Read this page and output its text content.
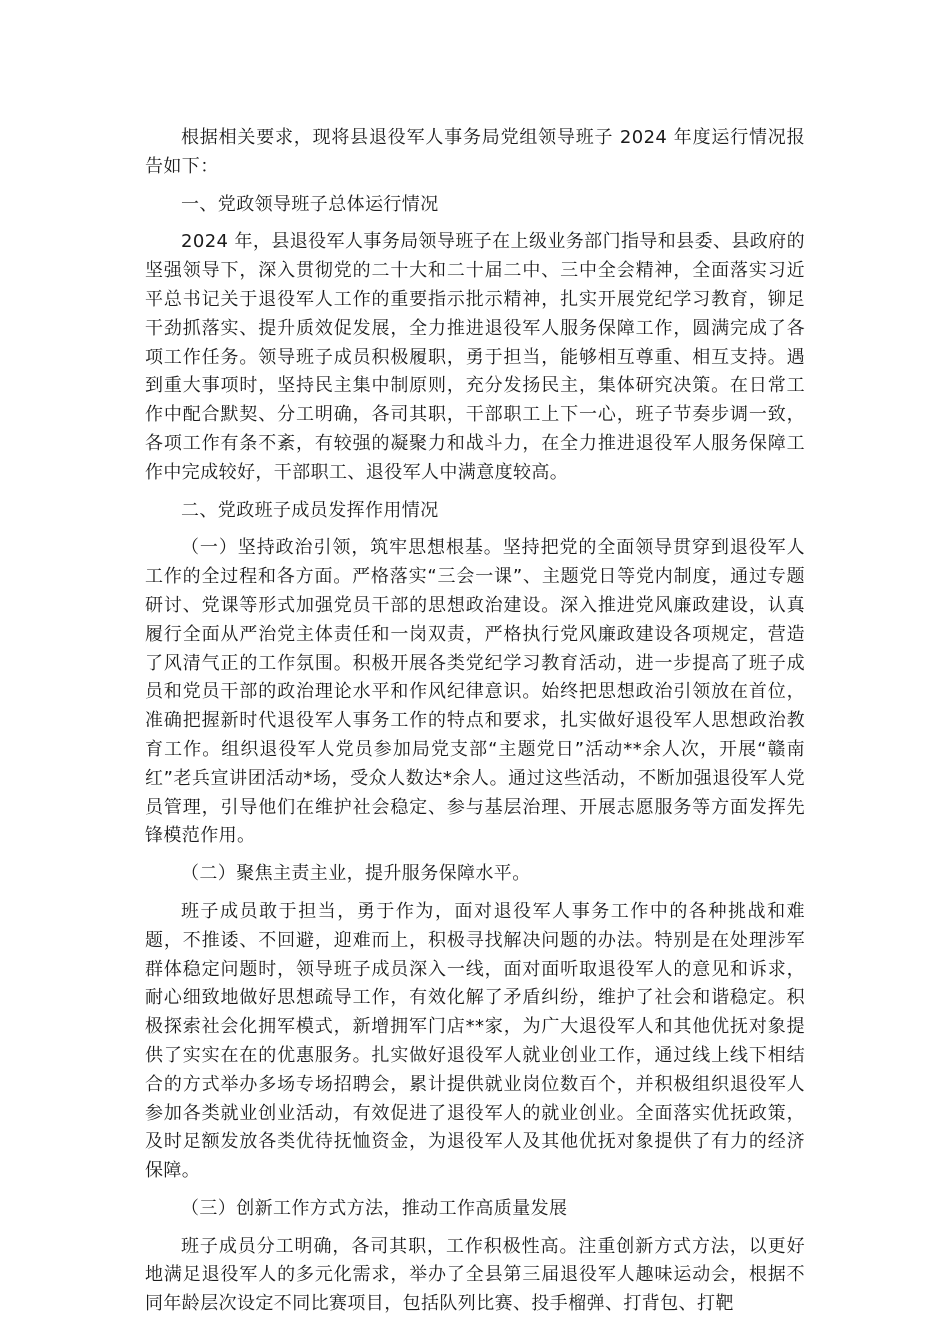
根据相关要求，现将县退役军人事务局党组领导班子 2024 年度运行情况报告如下：

一、党政领导班子总体运行情况

2024 年，县退役军人事务局领导班子在上级业务部门指导和县委、县政府的坚强领导下，深入贯彻党的二十大和二十届二中、三中全会精神，全面落实习近平总书记关于退役军人工作的重要指示批示精神，扎实开展党纪学习教育，铆足干劲抓落实、提升质效促发展，全力推进退役军人服务保障工作，圆满完成了各项工作任务。领导班子成员积极履职，勇于担当，能够相互尊重、相互支持。遇到重大事项时，坚持民主集中制原则，充分发扬民主，集体研究决策。在日常工作中配合默契、分工明确，各司其职，干部职工上下一心，班子节奏步调一致，各项工作有条不紊，有较强的凝聚力和战斗力，在全力推进退役军人服务保障工作中完成较好，干部职工、退役军人中满意度较高。

二、党政班子成员发挥作用情况

（一）坚持政治引领，筑牢思想根基。坚持把党的全面领导贯穿到退役军人工作的全过程和各方面。严格落实“三会一课”、主题党日等党内制度，通过专题研讨、党课等形式加强党员干部的思想政治建设。深入推进党风廉政建设，认真履行全面从严治党主体责任和一岗双责，严格执行党风廉政建设各项规定，营造了风清气正的工作氛围。积极开展各类党纪学习教育活动，进一步提高了班子成员和党员干部的政治理论水平和作风纪律意识。始终把思想政治引领放在首位，准确把握新时代退役军人事务工作的特点和要求，扎实做好退役军人思想政治教育工作。组织退役军人党员参加局党支部“主题党日”活动**余人次，开展“赣南红”老兵宣讲团活动*场，受众人数达*余人。通过这些活动，不断加强退役军人党员管理，引导他们在维护社会稳定、参与基层治理、开展志愿服务等方面发挥先锋模范作用。

（二）聚焦主责主业，提升服务保障水平。

班子成员敢于担当，勇于作为，面对退役军人事务工作中的各种挑战和难题，不推诿、不回避，迎难而上，积极寻找解决问题的办法。特别是在处理涉军群体稳定问题时，领导班子成员深入一线，面对面听取退役军人的意见和诉求，耐心细致地做好思想疏导工作，有效化解了矛盾纠纷，维护了社会和谐稳定。积极探索社会化拥军模式，新增拥军门店**家，为广大退役军人和其他优抚对象提供了实实在在的优惠服务。扎实做好退役军人就业创业工作，通过线上线下相结合的方式举办多场专场招聘会，累计提供就业岗位数百个，并积极组织退役军人参加各类就业创业活动，有效促进了退役军人的就业创业。全面落实优抚政策，及时足额发放各类优待抚恤资金，为退役军人及其他优抚对象提供了有力的经济保障。

（三）创新工作方式方法，推动工作高质量发展

班子成员分工明确，各司其职，工作积极性高。注重创新方式方法，以更好地满足退役军人的多元化需求，举办了全县第三届退役军人趣味运动会，根据不同年龄层次设定不同比赛项目，包括队列比赛、投手榴弹、打背包、打靶
